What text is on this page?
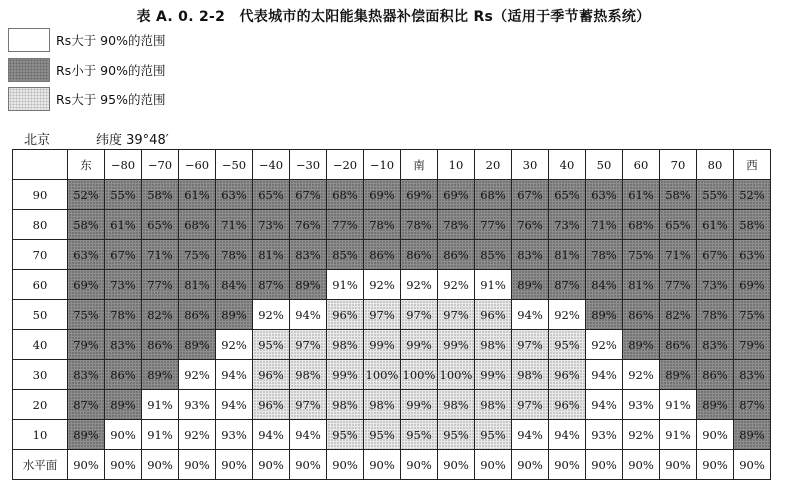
表 A. 0. 2-2　代表城市的太阳能集热器补偿面积比 Rs（适用于季节蓄热系统）
Rs大于 90%的范围
Rs小于 90%的范围
Rs大于 95%的范围
北京	纬度 39°48′
	东	−80	−70	−60	−50	−40	−30	−20	−10	南	10	20	30	40	50	60	70	80	西
90	52%	55%	58%	61%	63%	65%	67%	68%	69%	69%	69%	68%	67%	65%	63%	61%	58%	55%	52%
80	58%	61%	65%	68%	71%	73%	76%	77%	78%	78%	78%	77%	76%	73%	71%	68%	65%	61%	58%
70	63%	67%	71%	75%	78%	81%	83%	85%	86%	86%	86%	85%	83%	81%	78%	75%	71%	67%	63%
60	69%	73%	77%	81%	84%	87%	89%	91%	92%	92%	92%	91%	89%	87%	84%	81%	77%	73%	69%
50	75%	78%	82%	86%	89%	92%	94%	96%	97%	97%	97%	96%	94%	92%	89%	86%	82%	78%	75%
40	79%	83%	86%	89%	92%	95%	97%	98%	99%	99%	99%	98%	97%	95%	92%	89%	86%	83%	79%
30	83%	86%	89%	92%	94%	96%	98%	99%	100%	100%	100%	99%	98%	96%	94%	92%	89%	86%	83%
20	87%	89%	91%	93%	94%	96%	97%	98%	98%	99%	98%	98%	97%	96%	94%	93%	91%	89%	87%
10	89%	90%	91%	92%	93%	94%	94%	95%	95%	95%	95%	95%	94%	94%	93%	92%	91%	90%	89%
水平面	90%	90%	90%	90%	90%	90%	90%	90%	90%	90%	90%	90%	90%	90%	90%	90%	90%	90%	90%
